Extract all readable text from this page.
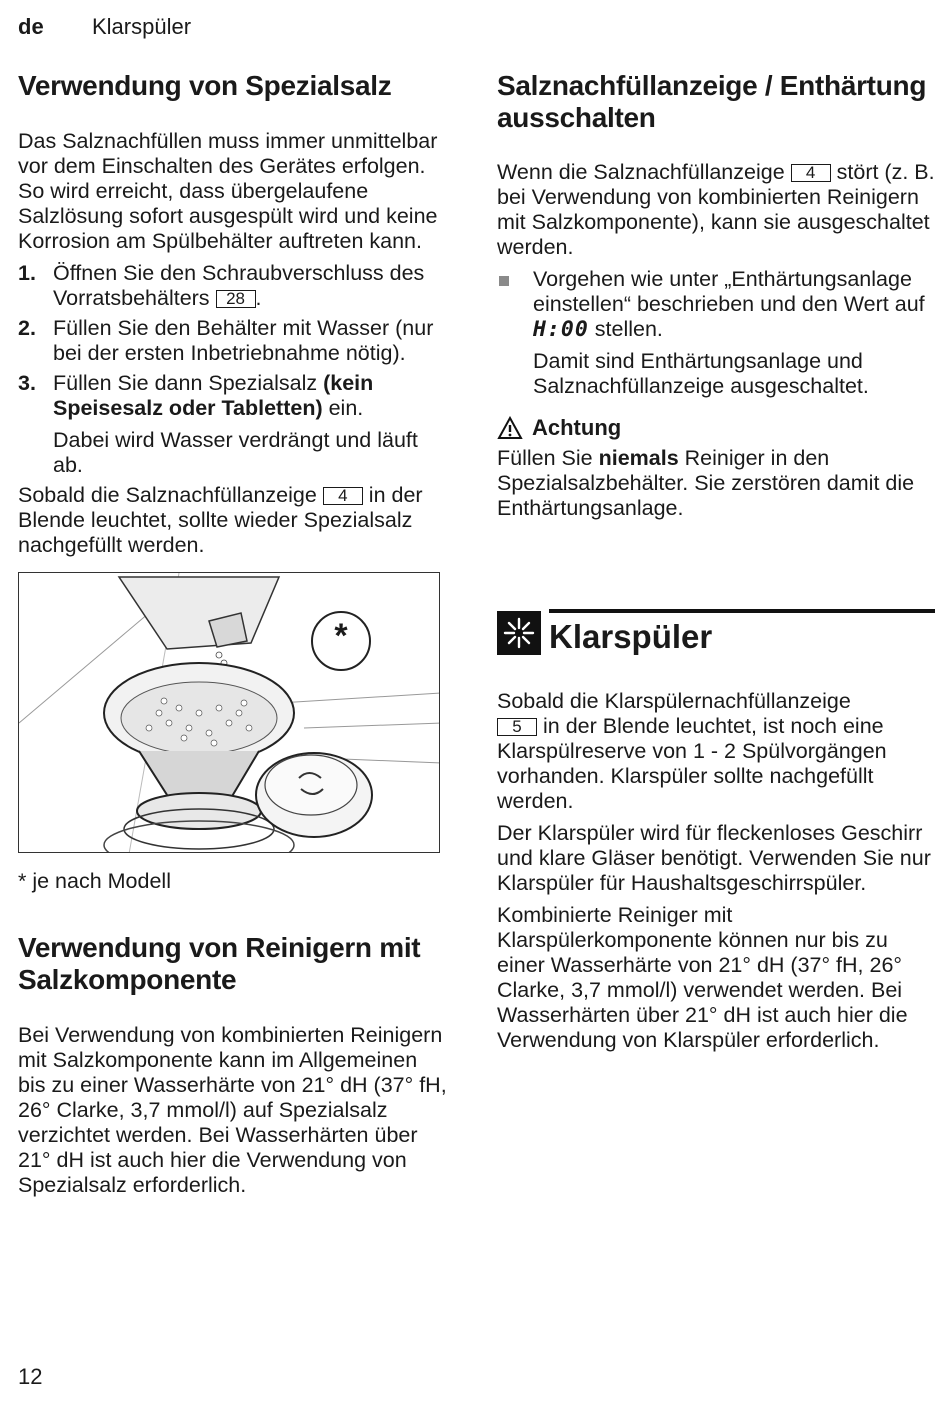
de Klarspüler
Verwendung von Spezialsalz

Das Salznachfüllen muss immer unmittelbar vor dem Einschalten des Gerätes erfolgen. So wird erreicht, dass übergelaufene Salzlösung sofort ausgespült wird und keine Korrosion am Spülbehälter auftreten kann.

1. Öffnen Sie den Schraubverschluss des Vorratsbehälters 28 .
2. Füllen Sie den Behälter mit Wasser (nur bei der ersten Inbetriebnahme nötig).
3. Füllen Sie dann Spezialsalz (kein Speisesalz oder Tabletten) ein.
Dabei wird Wasser verdrängt und läuft ab.

Sobald die Salznachfüllanzeige 4 in der Blende leuchtet, sollte wieder Spezialsalz nachgefüllt werden.

*

* je nach Modell

Verwendung von Reinigern mit Salzkomponente

Bei Verwendung von kombinierten Reinigern mit Salzkomponente kann im Allgemeinen bis zu einer Wasserhärte von 21° dH (37° fH, 26° Clarke, 3,7 mmol/l) auf Spezialsalz verzichtet werden. Bei Wasserhärten über 21° dH ist auch hier die Verwendung von Spezialsalz erforderlich.

Salznachfüllanzeige / Enthärtung ausschalten

Wenn die Salznachfüllanzeige 4 stört (z. B. bei Verwendung von kombinierten Reinigern mit Salzkomponente), kann sie ausgeschaltet werden.

Vorgehen wie unter „Enthärtungsanlage einstellen“ beschrieben und den Wert auf H:00 stellen.
Damit sind Enthärtungsanlage und Salznachfüllanzeige ausgeschaltet.
Achtung

Füllen Sie niemals Reiniger in den Spezialsalzbehälter. Sie zerstören damit die Enthärtungsanlage.

Klarspüler

Sobald die Klarspülernachfüllanzeige
5 in der Blende leuchtet, ist noch eine Klarspülreserve von 1 - 2 Spülvorgängen vorhanden. Klarspüler sollte nachgefüllt werden.

Der Klarspüler wird für fleckenloses Geschirr und klare Gläser benötigt. Verwenden Sie nur Klarspüler für Haushaltsgeschirrspüler.

Kombinierte Reiniger mit Klarspülerkomponente können nur bis zu einer Wasserhärte von 21° dH (37° fH, 26° Clarke, 3,7 mmol/l) verwendet werden. Bei Wasserhärten über 21° dH ist auch hier die Verwendung von Klarspüler erforderlich.

12
